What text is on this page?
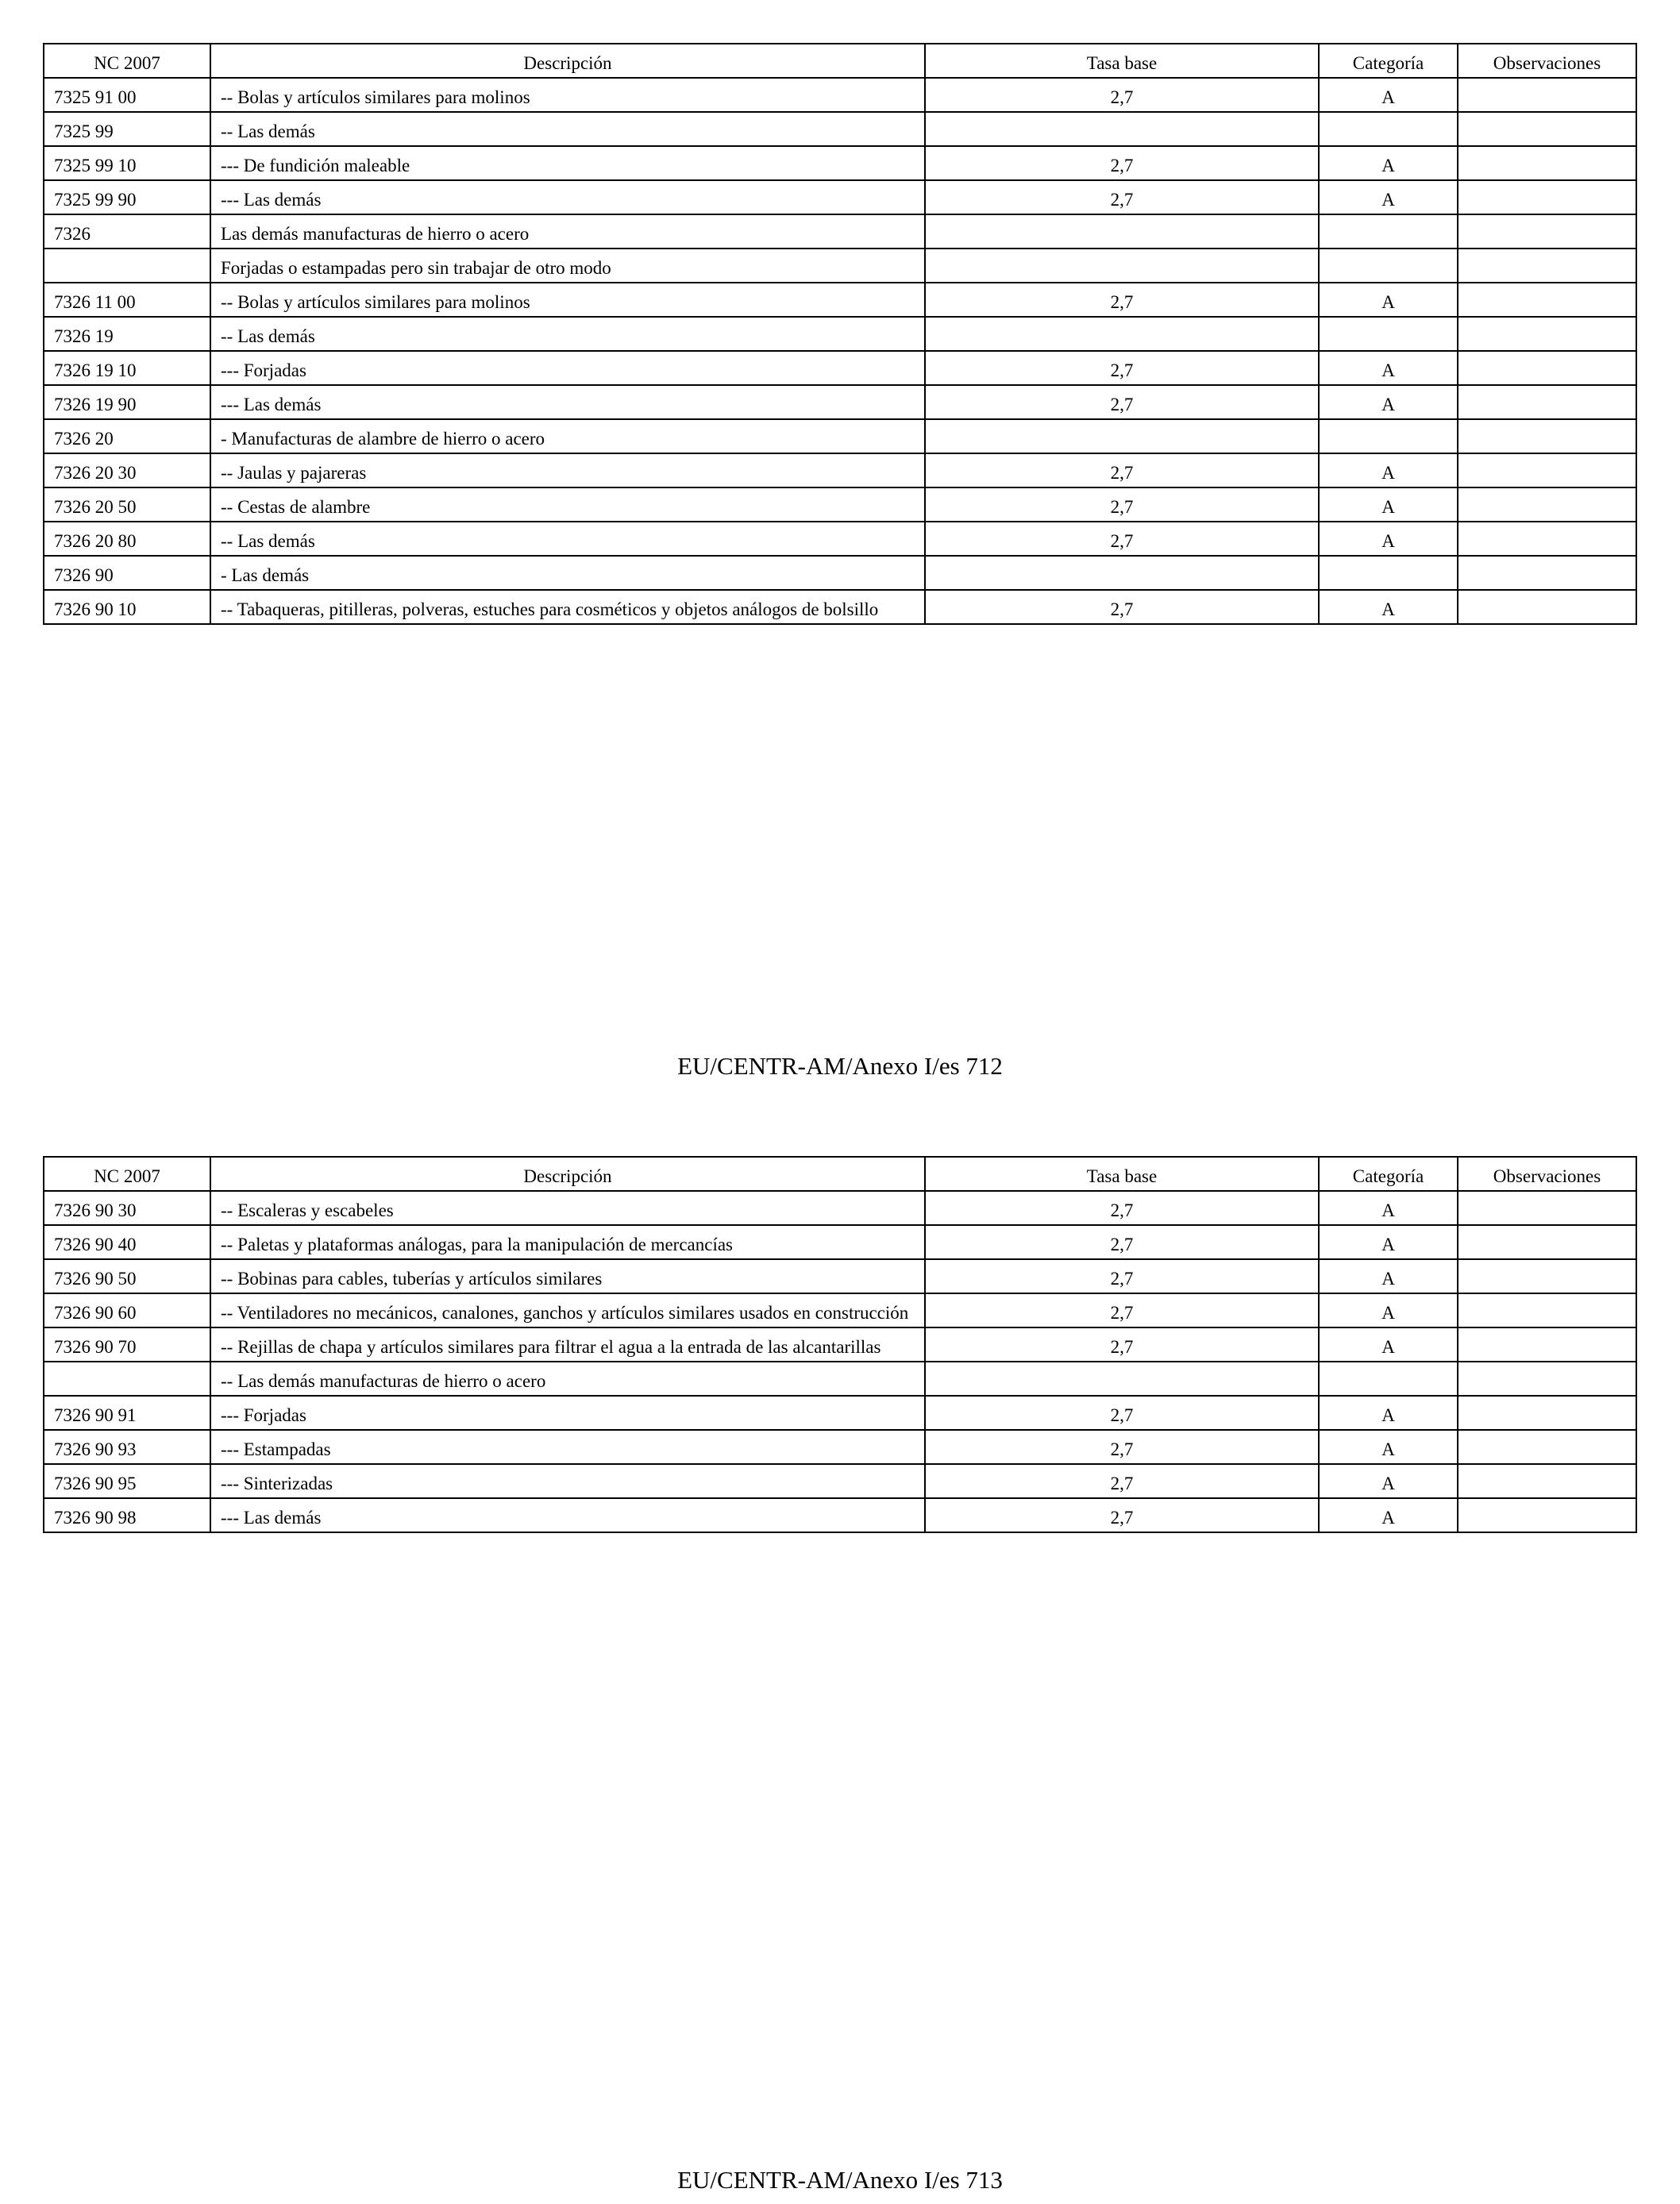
NC 2007	Descripción	Tasa base	Categoría	Observaciones
7325 91 00	-- Bolas y artículos similares para molinos	2,7	A	
7325 99	-- Las demás			
7325 99 10	--- De fundición maleable	2,7	A	
7325 99 90	--- Las demás	2,7	A	
7326	Las demás manufacturas de hierro o acero			
	Forjadas o estampadas pero sin trabajar de otro modo			
7326 11 00	-- Bolas y artículos similares para molinos	2,7	A	
7326 19	-- Las demás			
7326 19 10	--- Forjadas	2,7	A	
7326 19 90	--- Las demás	2,7	A	
7326 20	- Manufacturas de alambre de hierro o acero			
7326 20 30	-- Jaulas y pajareras	2,7	A	
7326 20 50	-- Cestas de alambre	2,7	A	
7326 20 80	-- Las demás	2,7	A	
7326 90	- Las demás			
7326 90 10	-- Tabaqueras, pitilleras, polveras, estuches para cosméticos y objetos análogos de bolsillo	2,7	A	
EU/CENTR-AM/Anexo I/es 712
NC 2007	Descripción	Tasa base	Categoría	Observaciones
7326 90 30	-- Escaleras y escabeles	2,7	A	
7326 90 40	-- Paletas y plataformas análogas, para la manipulación de mercancías	2,7	A	
7326 90 50	-- Bobinas para cables, tuberías y artículos similares	2,7	A	
7326 90 60	-- Ventiladores no mecánicos, canalones, ganchos y artículos similares usados en construcción	2,7	A	
7326 90 70	-- Rejillas de chapa y artículos similares para filtrar el agua a la entrada de las alcantarillas	2,7	A	
	-- Las demás manufacturas de hierro o acero			
7326 90 91	--- Forjadas	2,7	A	
7326 90 93	--- Estampadas	2,7	A	
7326 90 95	--- Sinterizadas	2,7	A	
7326 90 98	--- Las demás	2,7	A	
EU/CENTR-AM/Anexo I/es 713
